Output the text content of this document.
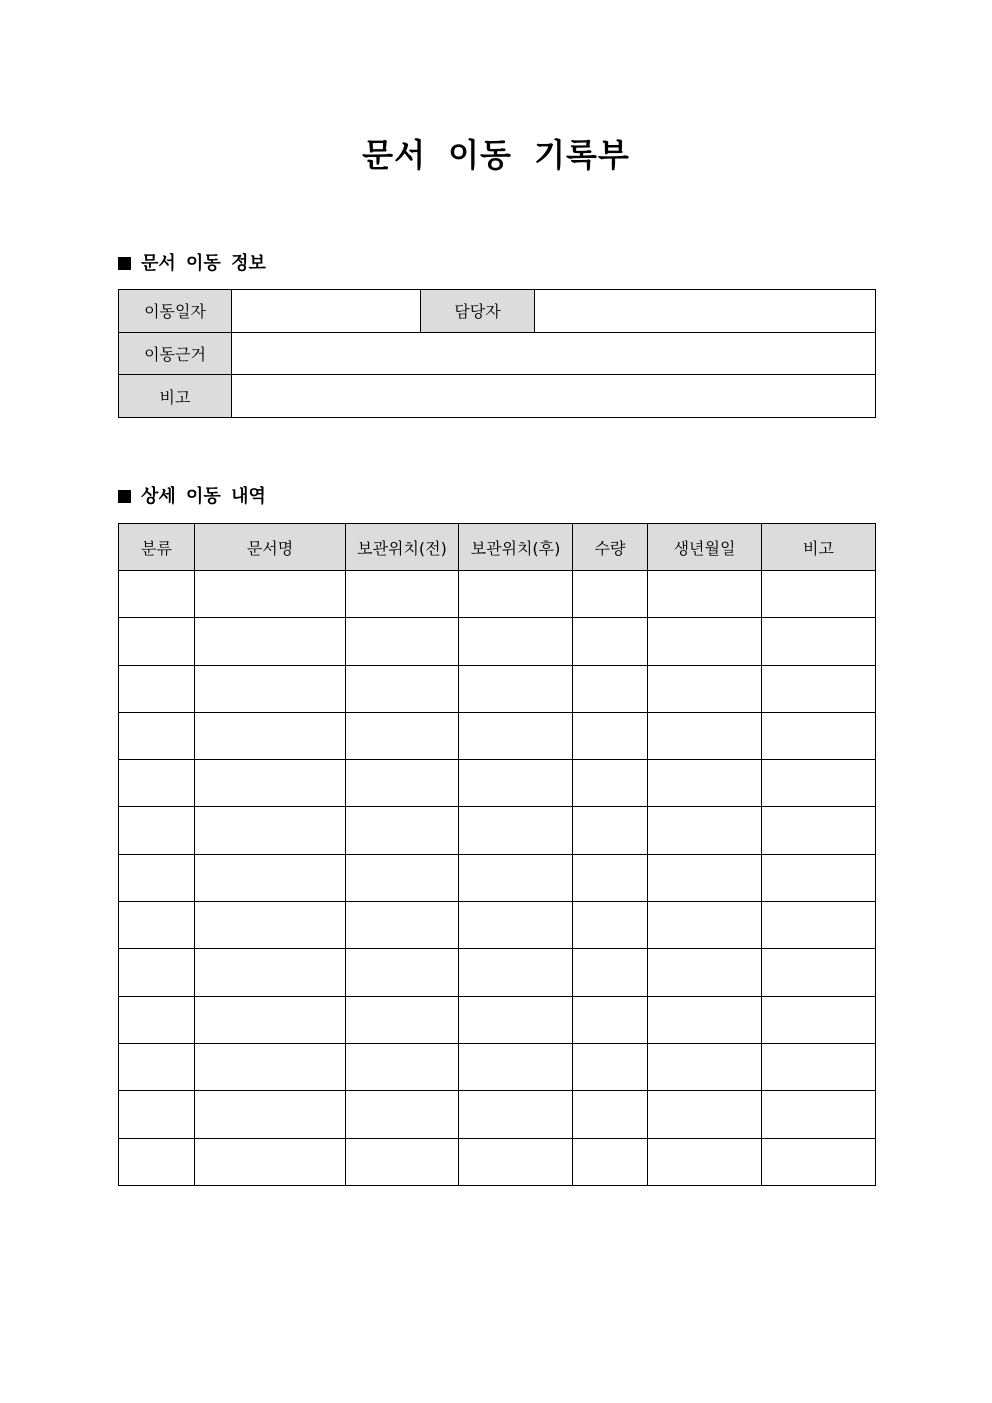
문서 이동 기록부
문서 이동 정보
이동일자		담당자	
이동근거			
비고			
상세 이동 내역
분류	문서명	보관위치(전)	보관위치(후)	수량	생년월일	비고
